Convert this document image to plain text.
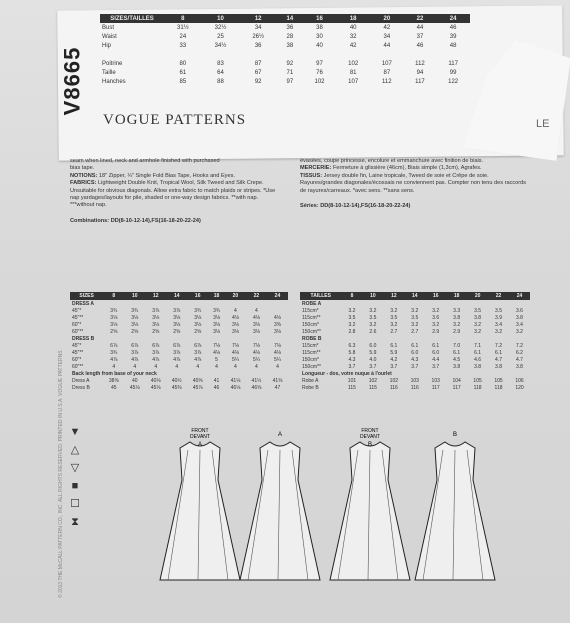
V8665
SIZES/TAILLES	8	10	12	14	16	18	20	22	24
Bust	31½	32½	34	36	38	40	42	44	46
Waist	24	25	26½	28	30	32	34	37	39
Hip	33	34½	36	38	40	42	44	46	48

Poitrine	80	83	87	92	97	102	107	112	117
Taille	61	64	67	71	76	81	87	94	99
Hanches	85	88	92	97	102	107	112	117	122
VOGUE PATTERNS	LE
© 2013 THE McCALL PATTERN CO., INC. ALL RIGHTS RESERVED. PRINTED IN U.S.A. VOGUE PATTERNS
seam when lined, neck and armhole finished with purchased
bias tape.
NOTIONS: 18" Zipper, ¼" Single Fold Bias Tape, Hooks and Eyes.
FABRICS: Lightweight Double Knit, Tropical Wool, Silk Tweed and Silk Crepe. Unsuitable for obvious diagonals. Allow extra fabric to match plaids or stripes. *Use nap yardages/layouts for pile, shaded or one-way design fabrics. **with nap. ***without nap.
Combinations: DD(8-10-12-14),FS(16-18-20-22-24)
évasées, coupe princesse, encolure et emmanchure avec finition de biais.
MERCERIE: Fermeture à glissière (46cm), Biais simple (1,3cm), Agrafes.
TISSUS: Jersey double fin, Laine tropicale, Tweed de soie et Crêpe de soie. Rayures/grandes diagonales/écossais ne conviennent pas. Compter non tenu des raccords de rayures/carreaux. *avec sens. **sans sens.
Séries: DD(8-10-12-14),FS(16-18-20-22-24)
SIZES	8	10	12	14	16	18	20	22	24
DRESS A									
45"*	3¾	3¾	3⅞	3⅞	3¾	3¾	4	4	
45"**	3⅛	3⅛	3⅛	3⅛	3⅛	3⅛	4⅛	4⅛	4⅛
60"*	3⅛	3⅛	3⅛	3⅛	3⅛	3⅛	3⅛	3⅛	3⅜
60"**	2⅝	2⅝	2⅝	2⅝	2⅝	3⅛	3⅛	3⅛	3⅛
DRESS B									
45"*	6⅞	6⅞	6⅞	6⅞	6⅞	7⅛	7⅛	7⅛	7⅛
45"**	3¾	3⅞	3⅞	3⅞	3⅞	4⅛	4⅛	4⅛	4⅛
60"*	4⅞	4⅞	4⅞	4⅞	4⅞	5	5¼	5¼	5¼
60"**	4	4	4	4	4	4	4	4	4
Back length from base of your neck									
Dress A	38⅝	40	40⅛	40½	40⅝	41	41⅛	41½	41⅝
Dress B	45	45⅛	45⅛	45⅜	45⅞	46	46⅛	46⅝	47
TAILLES	8	10	12	14	16	18	20	22	24
ROBE A									
115cm*	3.2	3.2	3.2	3.2	3.2	3.3	3.5	3.5	3.6
115cm**	3.5	3.5	3.5	3.5	3.6	3.8	3.8	3.9	3.8
150cm*	3.2	3.2	3.2	3.2	3.2	3.2	3.2	3.4	3.4
150cm**	2.8	2.6	2.7	2.7	2.9	2.9	3.2	3.2	3.2
ROBE B									
115cm*	6.3	6.0	6.1	6.1	6.1	7.0	7.1	7.2	7.2
115cm**	5.8	5.9	5.9	6.0	6.0	6.1	6.1	6.1	6.2
150cm*	4.3	4.0	4.2	4.3	4.4	4.5	4.6	4.7	4.7
150cm**	3.7	3.7	3.7	3.7	3.7	3.8	3.8	3.8	3.8
Longueur - dos, votre nuque à l'ourlet									
Robe A	101	102	102	103	103	104	105	105	106
Robe B	115	115	116	116	117	117	118	118	120
▼
△
▽
■
☐
⧗
FRONT
DEVANT
A
A
FRONT
DEVANT
B
B
